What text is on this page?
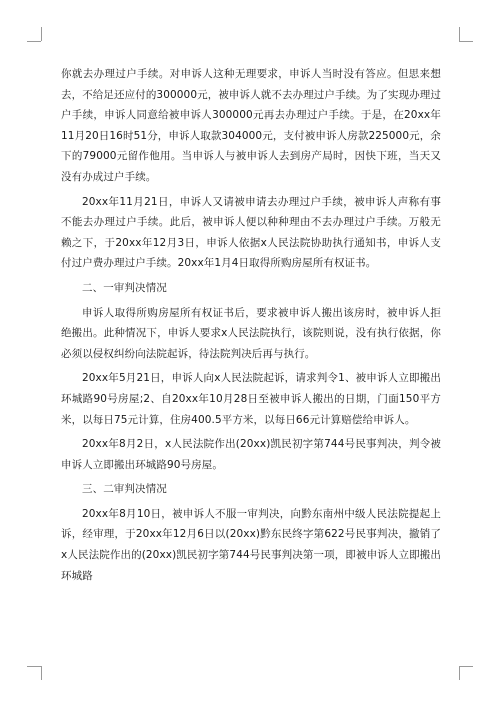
你就去办理过户手续。对申诉人这种无理要求，申诉人当时没有答应。但思来想去，不给足还应付的300000元，被申诉人就不去办理过户手续。为了实现办理过户手续，申诉人同意给被申诉人300000元再去办理过户手续。于是，在20xx年11月20日16时51分，申诉人取款304000元，支付被申诉人房款225000元，余下的79000元留作他用。当申诉人与被申诉人去到房产局时，因快下班，当天又没有办成过户手续。

20xx年11月21日，申诉人又请被申请去办理过户手续，被申诉人声称有事不能去办理过户手续。此后，被申诉人便以种种理由不去办理过户手续。万般无赖之下，于20xx年12月3日，申诉人依据x人民法院协助执行通知书，申诉人支付过户费办理过户手续。20xx年1月4日取得所购房屋所有权证书。

二、一审判决情况

申诉人取得所购房屋所有权证书后，要求被申诉人搬出该房时，被申诉人拒绝搬出。此种情况下，申诉人要求x人民法院执行，该院则说，没有执行依据，你必须以侵权纠纷向法院起诉，待法院判决后再与执行。

20xx年5月21日，申诉人向x人民法院起诉，请求判令1、被申诉人立即搬出环城路90号房屋;2、自20xx年10月28日至被申诉人搬出的日期，门面150平方米，以每日75元计算，住房400.5平方米，以每日66元计算赔偿给申诉人。

20xx年8月2日，x人民法院作出(20xx)凯民初字第744号民事判决，判令被申诉人立即搬出环城路90号房屋。

三、二审判决情况

20xx年8月10日，被申诉人不服一审判决，向黔东南州中级人民法院提起上诉，经审理，于20xx年12月6日以(20xx)黔东民终字第622号民事判决，撤销了x人民法院作出的(20xx)凯民初字第744号民事判决第一项，即被申诉人立即搬出环城路
